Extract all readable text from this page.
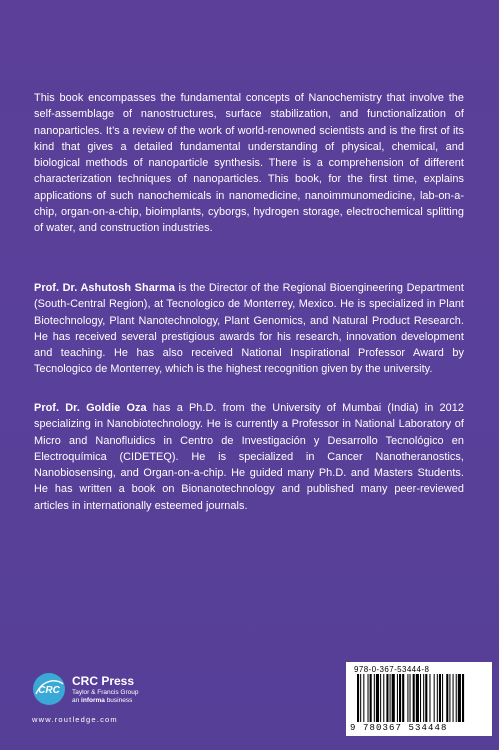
This book encompasses the fundamental concepts of Nanochemistry that involve the self-assemblage of nanostructures, surface stabilization, and functionalization of nanoparticles. It’s a review of the work of world-renowned scientists and is the first of its kind that gives a detailed fundamental understanding of physical, chemical, and biological methods of nanoparticle synthesis. There is a comprehension of different characterization techniques of nanoparticles. This book, for the first time, explains applications of such nanochemicals in nanomedicine, nanoimmunomedicine, lab-on-a-chip, organ-on-a-chip, bioimplants, cyborgs, hydrogen storage, electrochemical splitting of water, and construction industries.
Prof. Dr. Ashutosh Sharma is the Director of the Regional Bioengineering Department (South-Central Region), at Tecnologico de Monterrey, Mexico. He is specialized in Plant Biotechnology, Plant Nanotechnology, Plant Genomics, and Natural Product Research. He has received several prestigious awards for his research, innovation development and teaching. He has also received National Inspirational Professor Award by Tecnologico de Monterrey, which is the highest recognition given by the university.
Prof. Dr. Goldie Oza has a Ph.D. from the University of Mumbai (India) in 2012 specializing in Nanobiotechnology. He is currently a Professor in National Laboratory of Micro and Nanofluidics in Centro de Investigación y Desarrollo Tecnológico en Electroquímica (CIDETEQ). He is specialized in Cancer Nanotheranostics, Nanobiosensing, and Organ-on-a-chip. He guided many Ph.D. and Masters Students. He has written a book on Bionanotechnology and published many peer-reviewed articles in internationally esteemed journals.
CRC
CRC Press
Taylor & Francis Group
an informa business
www.routledge.com
978-0-367-53444-8
9 780367 534448
